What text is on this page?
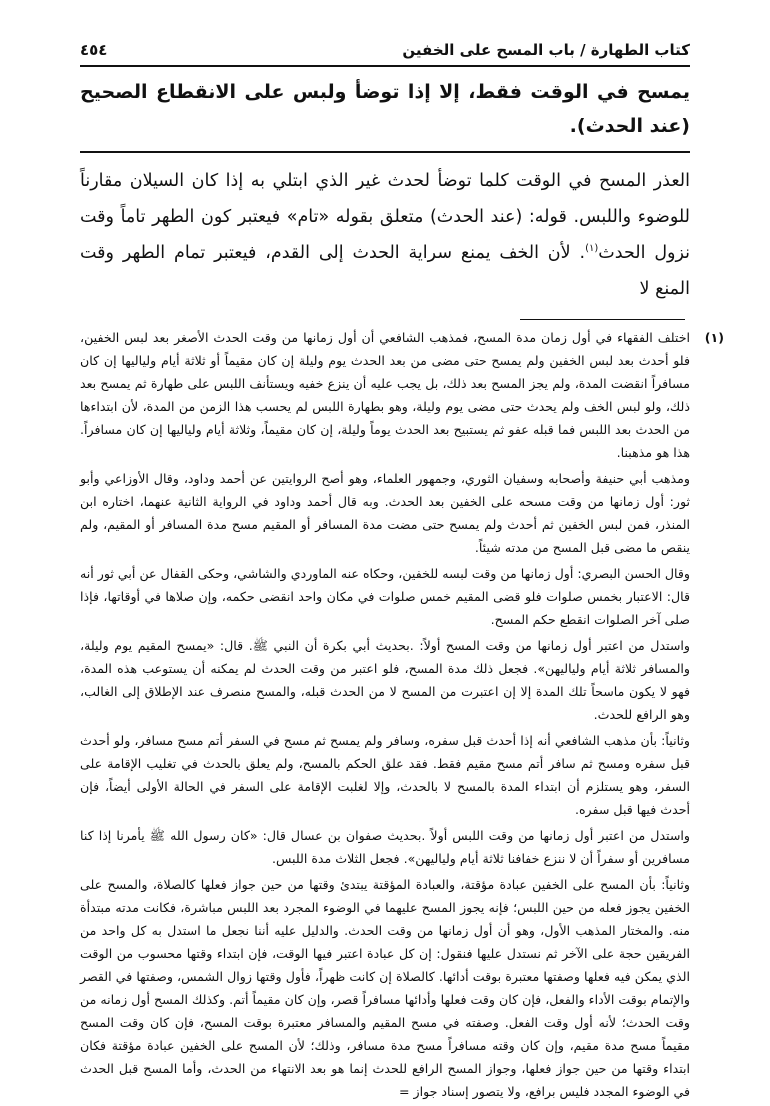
كتاب الطهارة / باب المسح على الخفين
٤٥٤
يمسح في الوقت فقط، إلا إذا توضأ ولبس على الانقطاع الصحيح (عند الحدث).

العذر المسح في الوقت كلما توضأ لحدث غير الذي ابتلي به إذا كان السيلان مقارناً للوضوء واللبس. قوله: (عند الحدث) متعلق بقوله «تام» فيعتبر كون الطهر تاماً وقت نزول الحدث$^{(١)}$. لأن الخف يمنع سراية الحدث إلى القدم، فيعتبر تمام الطهر وقت المنع لا

(١)
اختلف الفقهاء في أول زمان مدة المسح، فمذهب الشافعي أن أول زمانها من وقت الحدث الأصغر بعد لبس الخفين، فلو أحدث بعد لبس الخفين ولم يمسح حتى مضى من بعد الحدث يوم وليلة إن كان مقيماً أو ثلاثة أيام ولياليها إن كان مسافراً انقضت المدة، ولم يجز المسح بعد ذلك، بل يجب عليه أن ينزع خفيه ويستأنف اللبس على طهارة ثم يمسح بعد ذلك، ولو لبس الخف ولم يحدث حتى مضى يوم وليلة، وهو بطهارة اللبس لم يحسب هذا الزمن من المدة، لأن ابتداءها من الحدث بعد اللبس فما قبله عفو ثم يستبيح بعد الحدث يوماً وليلة، إن كان مقيماً، وثلاثة أيام ولياليها إن كان مسافراً. هذا هو مذهبنا.

ومذهب أبي حنيفة وأصحابه وسفيان الثوري، وجمهور العلماء، وهو أصح الروايتين عن أحمد وداود، وقال الأوزاعي وأبو ثور: أول زمانها من وقت مسحه على الخفين بعد الحدث. وبه قال أحمد وداود في الرواية الثانية عنهما، اختاره ابن المنذر، فمن لبس الخفين ثم أحدث ولم يمسح حتى مضت مدة المسافر أو المقيم مسح مدة المسافر أو المقيم، ولم ينقص ما مضى قبل المسح من مدته شيئاً.

وقال الحسن البصري: أول زمانها من وقت لبسه للخفين، وحكاه عنه الماوردي والشاشي، وحكى القفال عن أبي ثور أنه قال: الاعتبار بخمس صلوات فلو قضى المقيم خمس صلوات في مكان واحد انقضى حكمه، وإن صلاها في أوقاتها، فإذا صلى آخر الصلوات انقطع حكم المسح.

واستدل من اعتبر أول زمانها من وقت المسح أولاً: .بحديث أبي بكرة أن النبي ﷺ. قال: «يمسح المقيم يوم وليلة، والمسافر ثلاثة أيام ولياليهن». فجعل ذلك مدة المسح، فلو اعتبر من وقت الحدث لم يمكنه أن يستوعب هذه المدة، فهو لا يكون ماسحاً تلك المدة إلا إن اعتبرت من المسح لا من الحدث قبله، والمسح منصرف عند الإطلاق إلى الغالب، وهو الرافع للحدث.

وثانياً: بأن مذهب الشافعي أنه إذا أحدث قبل سفره، وسافر ولم يمسح ثم مسح في السفر أتم مسح مسافر، ولو أحدث قبل سفره ومسح ثم سافر أتم مسح مقيم فقط. فقد علق الحكم بالمسح، ولم يعلق بالحدث في تغليب الإقامة على السفر، وهو يستلزم أن ابتداء المدة بالمسح لا بالحدث، وإلا لغلبت الإقامة على السفر في الحالة الأولى أيضاً، فإن أحدث فيها قبل سفره.

واستدل من اعتبر أول زمانها من وقت اللبس أولاً .بحديث صفوان بن عسال قال: «كان رسول الله ﷺ يأمرنا إذا كنا مسافرين أو سفراً أن لا ننزع خفافنا ثلاثة أيام ولياليهن». فجعل الثلاث مدة اللبس.

وثانياً: بأن المسح على الخفين عبادة مؤقتة، والعبادة المؤقتة يبتدئ وقتها من حين جواز فعلها كالصلاة، والمسح على الخفين يجوز فعله من حين اللبس؛ فإنه يجوز المسح عليهما في الوضوء المجرد بعد اللبس مباشرة، فكانت مدته مبتدأة منه. والمختار المذهب الأول، وهو أن أول زمانها من وقت الحدث. والدليل عليه أننا نجعل ما استدل به كل واحد من الفريقين حجة على الآخر ثم نستدل عليها فنقول: إن كل عبادة اعتبر فيها الوقت، فإن ابتداء وقتها محسوب من الوقت الذي يمكن فيه فعلها وصفتها معتبرة بوقت أدائها. كالصلاة إن كانت ظهراً، فأول وقتها زوال الشمس، وصفتها في القصر والإتمام بوقت الأداء والفعل، فإن كان وقت فعلها وأدائها مسافراً قصر، وإن كان مقيماً أتم. وكذلك المسح أول زمانه من وقت الحدث؛ لأنه أول وقت الفعل. وصفته في مسح المقيم والمسافر معتبرة بوقت المسح، فإن كان وقت المسح مقيماً مسح مدة مقيم، وإن كان وقته مسافراً مسح مدة مسافر، وذلك؛ لأن المسح على الخفين عبادة مؤقتة فكان ابتداء وقتها من حين جواز فعلها، وجواز المسح الرافع للحدث إنما هو بعد الانتهاء من الحدث، وأما المسح قبل الحدث في الوضوء المجدد فليس برافع، ولا يتصور إسناد جواز =
